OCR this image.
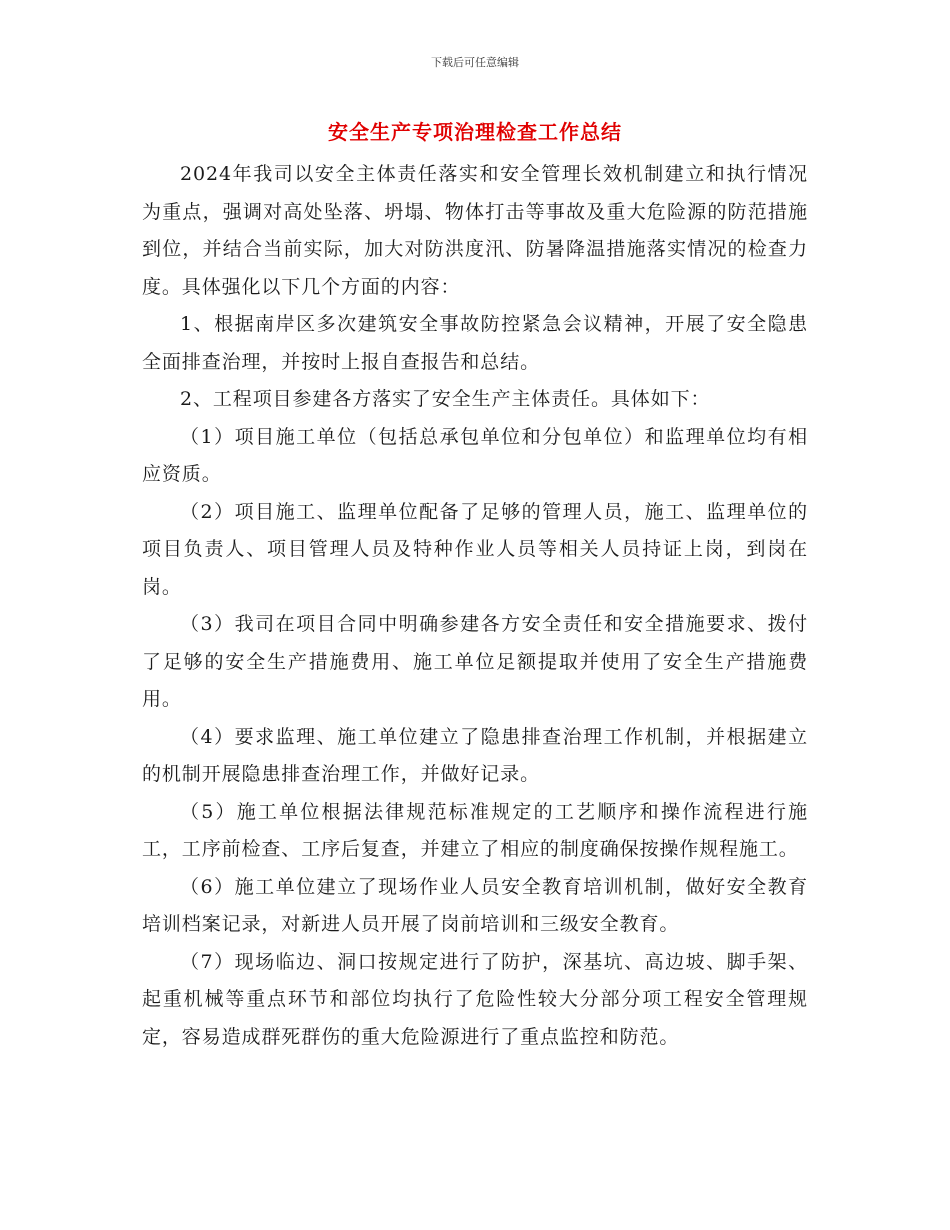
下载后可任意编辑
安全生产专项治理检查工作总结

2024年我司以安全主体责任落实和安全管理长效机制建立和执行情况为重点，强调对高处坠落、坍塌、物体打击等事故及重大危险源的防范措施到位，并结合当前实际，加大对防洪度汛、防暑降温措施落实情况的检查力度。具体强化以下几个方面的内容：

1、根据南岸区多次建筑安全事故防控紧急会议精神，开展了安全隐患全面排查治理，并按时上报自查报告和总结。

2、工程项目参建各方落实了安全生产主体责任。具体如下：

（1）项目施工单位（包括总承包单位和分包单位）和监理单位均有相应资质。

（2）项目施工、监理单位配备了足够的管理人员，施工、监理单位的项目负责人、项目管理人员及特种作业人员等相关人员持证上岗，到岗在岗。

（3）我司在项目合同中明确参建各方安全责任和安全措施要求、拨付了足够的安全生产措施费用、施工单位足额提取并使用了安全生产措施费用。

（4）要求监理、施工单位建立了隐患排查治理工作机制，并根据建立的机制开展隐患排查治理工作，并做好记录。

（5）施工单位根据法律规范标准规定的工艺顺序和操作流程进行施工，工序前检查、工序后复查，并建立了相应的制度确保按操作规程施工。

（6）施工单位建立了现场作业人员安全教育培训机制，做好安全教育培训档案记录，对新进人员开展了岗前培训和三级安全教育。

（7）现场临边、洞口按规定进行了防护，深基坑、高边坡、脚手架、起重机械等重点环节和部位均执行了危险性较大分部分项工程安全管理规定，容易造成群死群伤的重大危险源进行了重点监控和防范。
